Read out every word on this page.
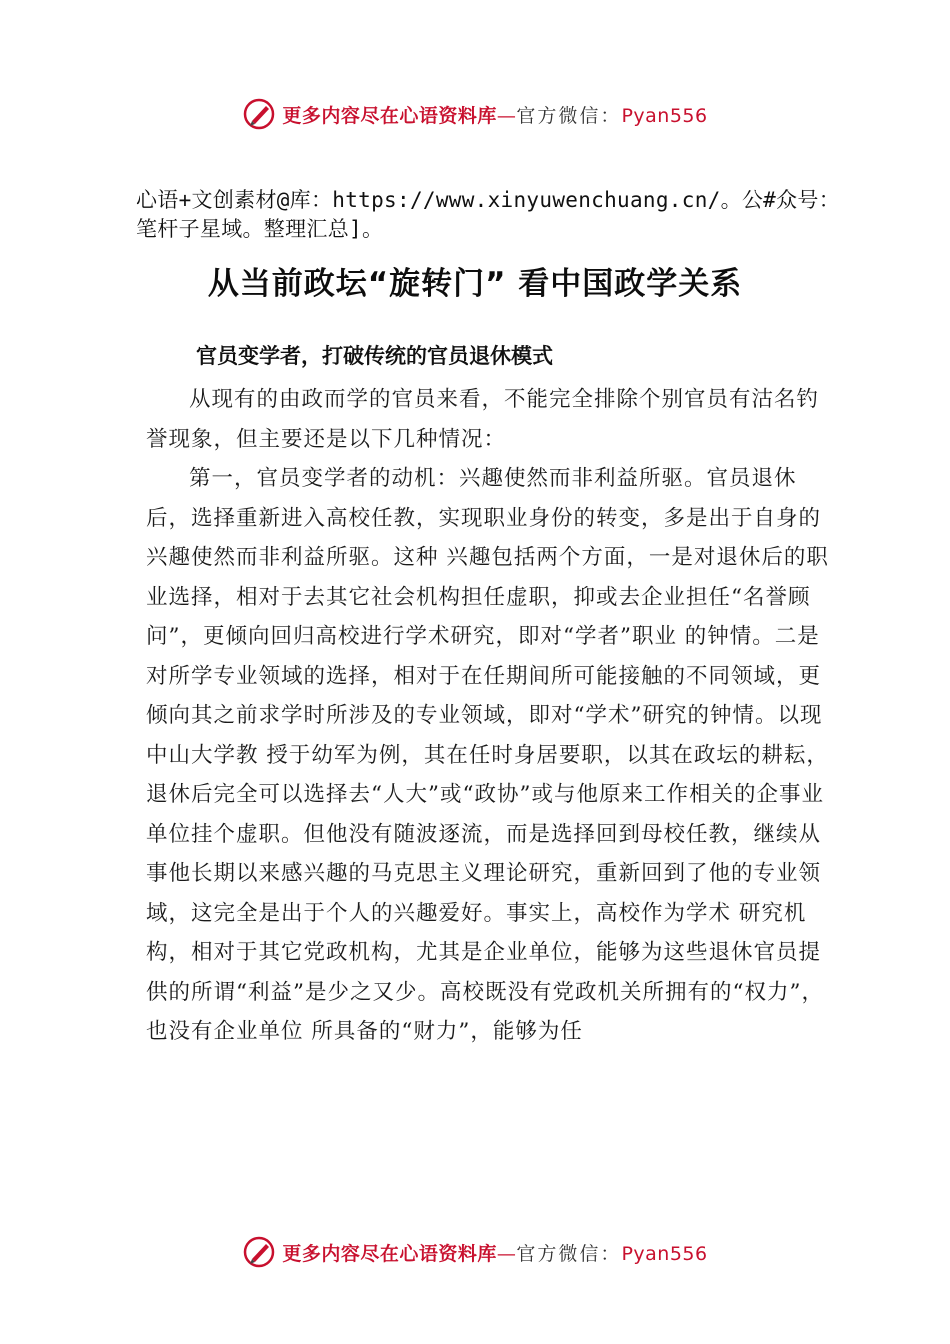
更多内容尽在心语资料库—官方微信：Pyan556
心语+文创素材@库：https://www.xinyuwenchuang.cn/。公#众号：笔杆子星域。整理汇总]。
从当前政坛“旋转门” 看中国政学关系
官员变学者，打破传统的官员退休模式

从现有的由政而学的官员来看，不能完全排除个别官员有沽名钓誉现象，但主要还是以下几种情况：

第一，官员变学者的动机：兴趣使然而非利益所驱。官员退休后，选择重新进入高校任教，实现职业身份的转变，多是出于自身的兴趣使然而非利益所驱。这种 兴趣包括两个方面，一是对退休后的职业选择，相对于去其它社会机构担任虚职，抑或去企业担任“名誉顾问”，更倾向回归高校进行学术研究，即对“学者”职业 的钟情。二是对所学专业领域的选择，相对于在任期间所可能接触的不同领域，更倾向其之前求学时所涉及的专业领域，即对“学术”研究的钟情。以现中山大学教 授于幼军为例，其在任时身居要职，以其在政坛的耕耘，退休后完全可以选择去“人大”或“政协”或与他原来工作相关的企事业单位挂个虚职。但他没有随波逐流，而是选择回到母校任教，继续从事他长期以来感兴趣的马克思主义理论研究，重新回到了他的专业领域，这完全是出于个人的兴趣爱好。事实上，高校作为学术 研究机构，相对于其它党政机构，尤其是企业单位，能够为这些退休官员提供的所谓“利益”是少之又少。高校既没有党政机关所拥有的“权力”，也没有企业单位 所具备的“财力”，能够为任

更多内容尽在心语资料库—官方微信：Pyan556
